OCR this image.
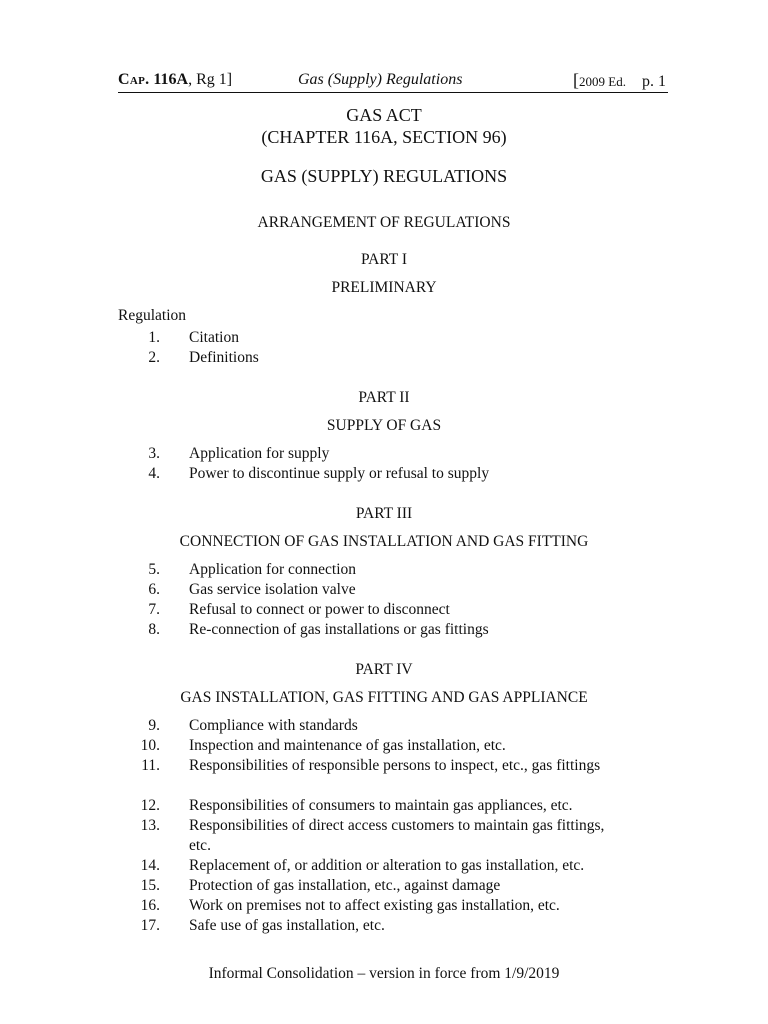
Cap. 116A, Rg 1]	Gas (Supply) Regulations	[2009 Ed. p. 1
GAS ACT
(CHAPTER 116A, SECTION 96)
GAS (SUPPLY) REGULATIONS
ARRANGEMENT OF REGULATIONS
PART I
PRELIMINARY
Regulation
1. Citation
2. Definitions
PART II
SUPPLY OF GAS
3. Application for supply
4. Power to discontinue supply or refusal to supply
PART III
CONNECTION OF GAS INSTALLATION AND GAS FITTING
5. Application for connection
6. Gas service isolation valve
7. Refusal to connect or power to disconnect
8. Re-connection of gas installations or gas fittings
PART IV
GAS INSTALLATION, GAS FITTING AND GAS APPLIANCE
9. Compliance with standards
10. Inspection and maintenance of gas installation, etc.
11. Responsibilities of responsible persons to inspect, etc., gas fittings
12. Responsibilities of consumers to maintain gas appliances, etc.
13. Responsibilities of direct access customers to maintain gas fittings, etc.
14. Replacement of, or addition or alteration to gas installation, etc.
15. Protection of gas installation, etc., against damage
16. Work on premises not to affect existing gas installation, etc.
17. Safe use of gas installation, etc.
Informal Consolidation – version in force from 1/9/2019
